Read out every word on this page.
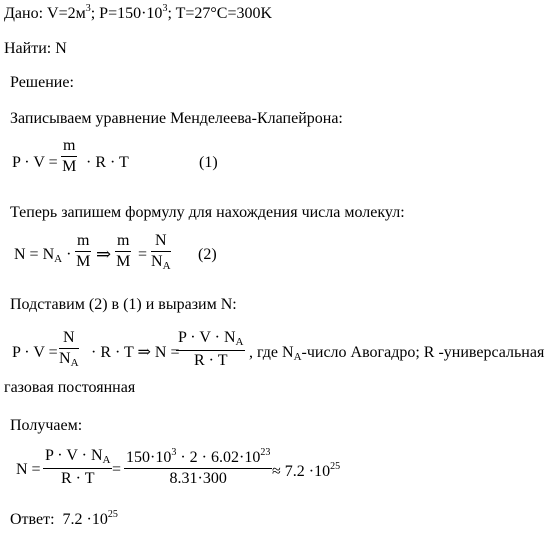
Дано: $V=2м^3$; $P=150\cdot 10^3$; T=27°C=300K
Найти: N
Решение:
Записываем уравнение Менделеева-Клапейрона:
$P \cdot V = \frac{m}{M} \cdot R \cdot T$	(1)
Теперь запишем формулу для нахождения числа молекул:
$N = N_A \cdot \frac{m}{M}$ ⇒ $\frac{m}{M} = \frac{N}{N_A} (2)$
Подставим (2) в (1) и выразим N:
$P \cdot V = \frac{N}{N_A} \cdot R \cdot T$ ⇒ N =
$\frac{P \cdot V \cdot N_A}{R \cdot T}$ , где $N_A$-число Авогадро; R -универсальная
газовая постоянная
Получаем:
$N = \frac{P \cdot V \cdot N_A}{R \cdot T} = \frac{150\cdot 10^3 \cdot 2 \cdot 6.02\cdot 10^{23}}{8.31\cdot 300} \approx 7.2 \cdot 10^{25}$
Ответ: $7.2 \cdot 10^{25}$
